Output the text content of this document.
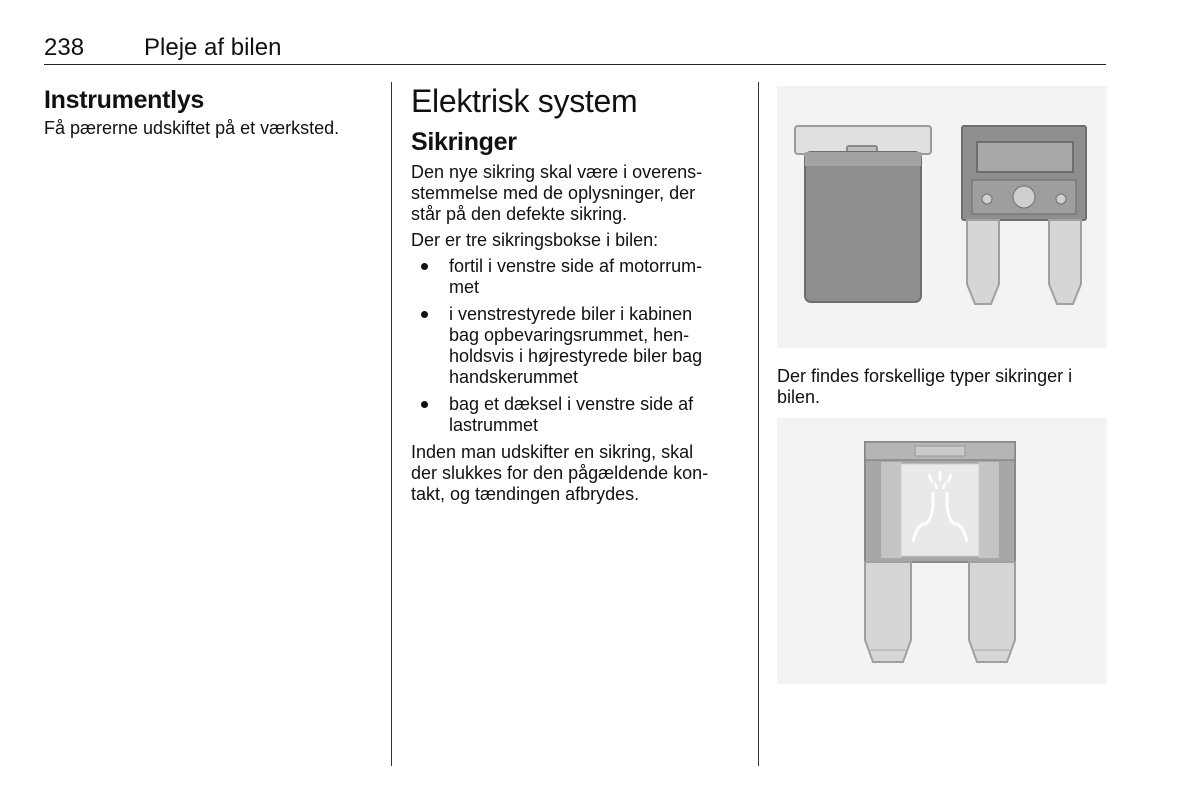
238 Pleje af bilen
Instrumentlys

Få pærerne udskiftet på et værksted.

Elektrisk system
Sikringer

Den nye sikring skal være i overens-
stemmelse med de oplysninger, der
står på den defekte sikring.

Der er tre sikringsbokse i bilen:

fortil i venstre side af motorrum-
met
i venstrestyrede biler i kabinen
bag opbevaringsrummet, hen-
holdsvis i højrestyrede biler bag
handskerummet
bag et dæksel i venstre side af
lastrummet

Inden man udskifter en sikring, skal
der slukkes for den pågældende kon-
takt, og tændingen afbrydes.

Der findes forskellige typer sikringer i
bilen.
